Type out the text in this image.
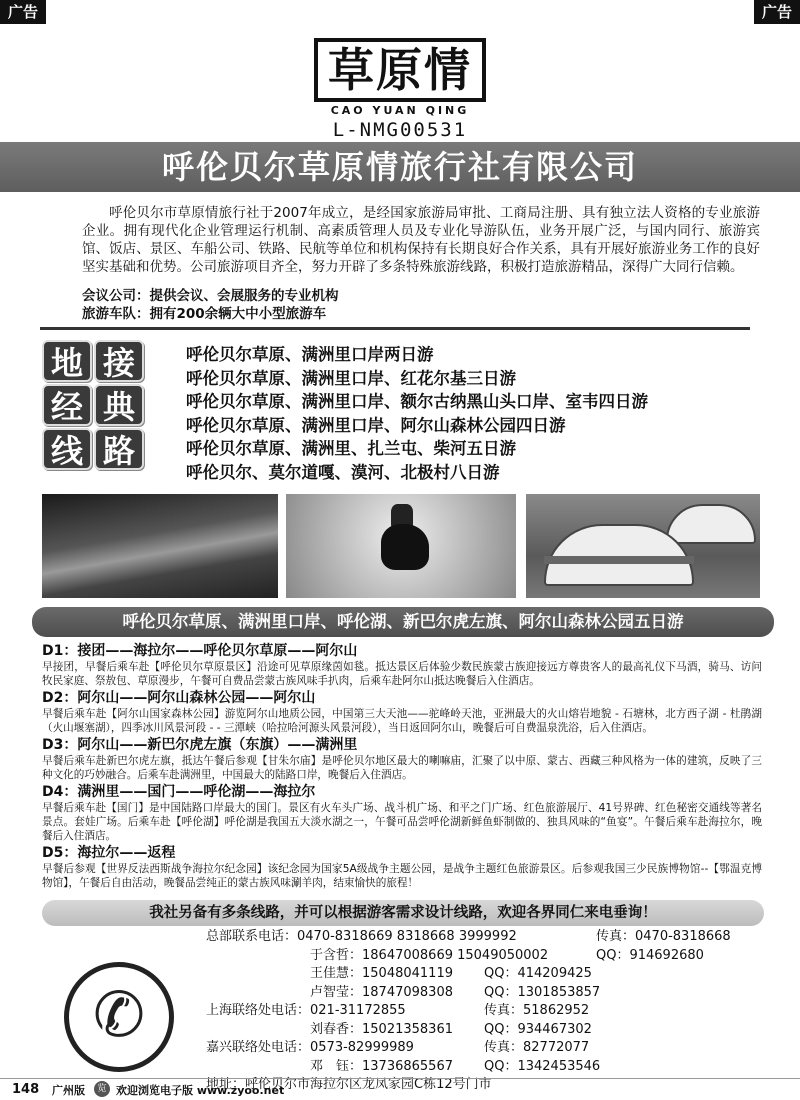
广告	广告
草原情
CAO YUAN QING
L-NMG00531
呼伦贝尔草原情旅行社有限公司

呼伦贝尔市草原情旅行社于2007年成立，是经国家旅游局审批、工商局注册、具有独立法人资格的专业旅游企业。拥有现代化企业管理运行机制、高素质管理人员及专业化导游队伍，业务开展广泛，与国内同行、旅游宾馆、饭店、景区、车船公司、铁路、民航等单位和机构保持有长期良好合作关系，具有开展好旅游业务工作的良好坚实基础和优势。公司旅游项目齐全，努力开辟了多条特殊旅游线路，积极打造旅游精品，深得广大同行信赖。

会议公司：提供会议、会展服务的专业机构
旅游车队：拥有200余辆大中小型旅游车
地 接 经 典 线 路
呼伦贝尔草原、满洲里口岸两日游
呼伦贝尔草原、满洲里口岸、红花尔基三日游
呼伦贝尔草原、满洲里口岸、额尔古纳黑山头口岸、室韦四日游
呼伦贝尔草原、满洲里口岸、阿尔山森林公园四日游
呼伦贝尔草原、满洲里、扎兰屯、柴河五日游
呼伦贝尔、莫尔道嘎、漠河、北极村八日游
呼伦贝尔草原、满洲里口岸、呼伦湖、新巴尔虎左旗、阿尔山森林公园五日游
D1：接团——海拉尔——呼伦贝尔草原——阿尔山
早接团，早餐后乘车赴【呼伦贝尔草原景区】沿途可见草原缘茵如毯。抵达景区后体验少数民族蒙古族迎接远方尊贵客人的最高礼仪下马酒，骑马、访问牧民家庭、祭敖包、草原漫步，午餐可自费品尝蒙古族风味手扒肉，后乘车赴阿尔山抵达晚餐后入住酒店。
D2：阿尔山——阿尔山森林公园——阿尔山
早餐后乘车赴【阿尔山国家森林公园】游览阿尔山地质公园，中国第三大天池——驼峰岭天池，亚洲最大的火山熔岩地貌 - 石塘林，北方西子湖 - 杜鹃湖（火山堰塞湖），四季冰川风景河段 - - 三潭峡（哈拉哈河源头风景河段），当日返回阿尔山，晚餐后可自费温泉洗浴，后入住酒店。
D3：阿尔山——新巴尔虎左旗（东旗）——满洲里
早餐后乘车赴新巴尔虎左旗，抵达午餐后参观【甘朱尔庙】是呼伦贝尔地区最大的喇嘛庙，汇聚了以中原、蒙古、西藏三种风格为一体的建筑，反映了三种文化的巧妙融合。后乘车赴满洲里，中国最大的陆路口岸，晚餐后入住酒店。
D4：满洲里——国门——呼伦湖——海拉尔
早餐后乘车赴【国门】是中国陆路口岸最大的国门。景区有火车头广场、战斗机广场、和平之门广场、红色旅游展厅、41号界碑、红色秘密交通线等著名景点。套娃广场。后乘车赴【呼伦湖】呼伦湖是我国五大淡水湖之一，午餐可品尝呼伦湖新鲜鱼虾制做的、独具风味的“鱼宴”。午餐后乘车赴海拉尔，晚餐后入住酒店。
D5：海拉尔——返程
早餐后参观【世界反法西斯战争海拉尔纪念园】该纪念园为国家5A级战争主题公园，是战争主题红色旅游景区。后参观我国三少民族博物馆--【鄂温克博物馆】，午餐后自由活动，晚餐品尝纯正的蒙古族风味涮羊肉，结束愉快的旅程！
我社另备有多条线路，并可以根据游客需求设计线路，欢迎各界同仁来电垂询！
✆
总部联系电话：0470-8318669 8318668 3999992	传真：0470-8318668
于含哲：18647008669 15049050002	QQ：914692680
王佳慧：15048041119 QQ：414209425
卢智莹：18747098308 QQ：1301853857
上海联络处电话：021-31172855	传真：51862952
刘春香：15021358361 QQ：934467302
嘉兴联络处电话：0573-82999989	传真：82772077
邓　钰：13736865567 QQ：1342453546
地址：呼伦贝尔市海拉尔区龙凤家园C栋12号门市
148 广州版	览 欢迎浏览电子版 www.zyoo.net
